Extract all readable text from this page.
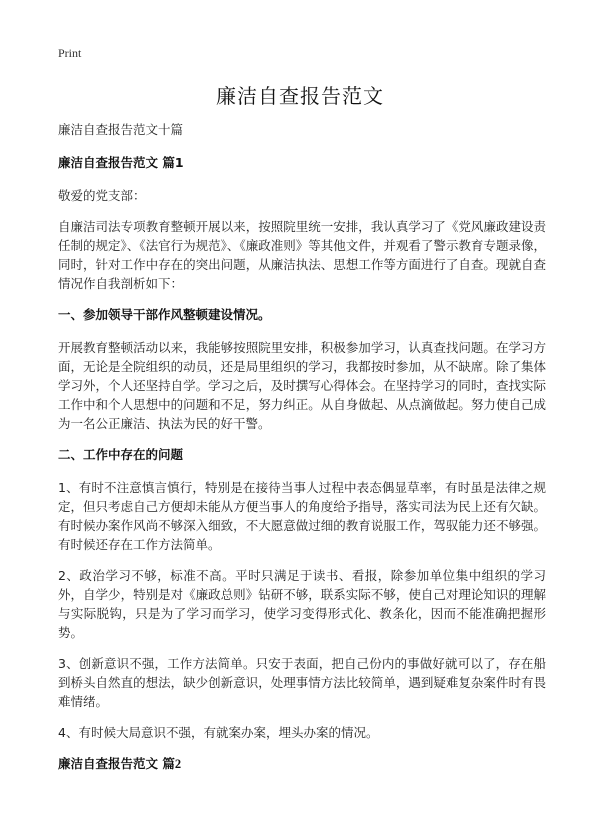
Print
廉洁自查报告范文
廉洁自查报告范文十篇
廉洁自查报告范文 篇1
敬爱的党支部：
自廉洁司法专项教育整顿开展以来，按照院里统一安排，我认真学习了《党风廉政建设责任制的规定》、《法官行为规范》、《廉政准则》等其他文件，并观看了警示教育专题录像，同时，针对工作中存在的突出问题，从廉洁执法、思想工作等方面进行了自查。现就自查情况作自我剖析如下：
一、参加领导干部作风整顿建设情况。
开展教育整顿活动以来，我能够按照院里安排，积极参加学习，认真查找问题。在学习方面，无论是全院组织的动员，还是局里组织的学习，我都按时参加，从不缺席。除了集体学习外，个人还坚持自学。学习之后，及时撰写心得体会。在坚持学习的同时，查找实际工作中和个人思想中的问题和不足，努力纠正。从自身做起、从点滴做起。努力使自己成为一名公正廉洁、执法为民的好干警。
二、工作中存在的问题
1、有时不注意慎言慎行，特别是在接待当事人过程中表态偶显草率，有时虽是法律之规定，但只考虑自己方便却未能从方便当事人的角度给予指导，落实司法为民上还有欠缺。有时候办案作风尚不够深入细致，不大愿意做过细的教育说服工作，驾驭能力还不够强。有时候还存在工作方法简单。
2、政治学习不够，标准不高。平时只满足于读书、看报，除参加单位集中组织的学习外，自学少，特别是对《廉政总则》钻研不够，联系实际不够，使自己对理论知识的理解与实际脱钩，只是为了学习而学习，使学习变得形式化、教条化，因而不能准确把握形势。
3、创新意识不强，工作方法简单。只安于表面，把自己份内的事做好就可以了，存在船到桥头自然直的想法，缺少创新意识，处理事情方法比较简单，遇到疑难复杂案件时有畏难情绪。
4、有时候大局意识不强，有就案办案，埋头办案的情况。
廉洁自查报告范文 篇2
